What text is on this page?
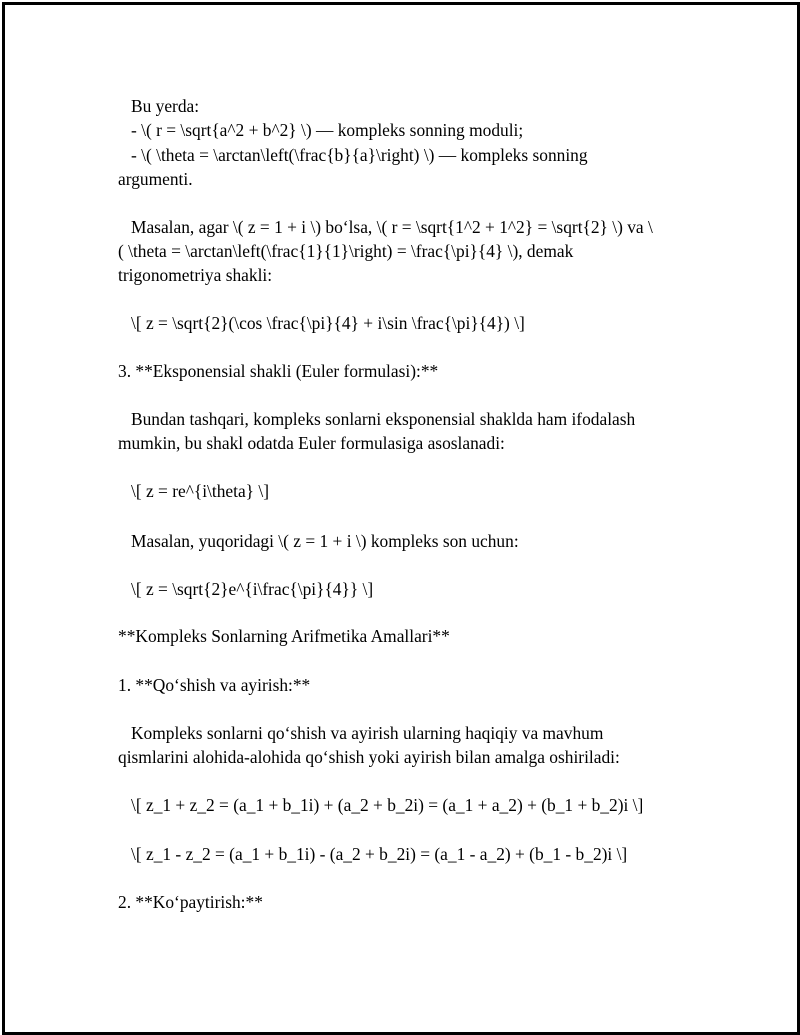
Bu yerda:
- \( r = \sqrt{a^2 + b^2} \) — kompleks sonning moduli;
- \( \theta = \arctan\left(\frac{b}{a}\right) \) — kompleks sonning
argumenti.
Masalan, agar \( z = 1 + i \) bo‘lsa, \( r = \sqrt{1^2 + 1^2} = \sqrt{2} \) va \
( \theta = \arctan\left(\frac{1}{1}\right) = \frac{\pi}{4} \), demak
trigonometriya shakli:
\[ z = \sqrt{2}(\cos \frac{\pi}{4} + i\sin \frac{\pi}{4}) \]
3. **Eksponensial shakli (Euler formulasi):**
Bundan tashqari, kompleks sonlarni eksponensial shaklda ham ifodalash
mumkin, bu shakl odatda Euler formulasiga asoslanadi:
\[ z = re^{i\theta} \]
Masalan, yuqoridagi \( z = 1 + i \) kompleks son uchun:
\[ z = \sqrt{2}e^{i\frac{\pi}{4}} \]
**Kompleks Sonlarning Arifmetika Amallari**
1. **Qo‘shish va ayirish:**
Kompleks sonlarni qo‘shish va ayirish ularning haqiqiy va mavhum
qismlarini alohida-alohida qo‘shish yoki ayirish bilan amalga oshiriladi:
\[ z_1 + z_2 = (a_1 + b_1i) + (a_2 + b_2i) = (a_1 + a_2) + (b_1 + b_2)i \]
\[ z_1 - z_2 = (a_1 + b_1i) - (a_2 + b_2i) = (a_1 - a_2) + (b_1 - b_2)i \]
2. **Ko‘paytirish:**
